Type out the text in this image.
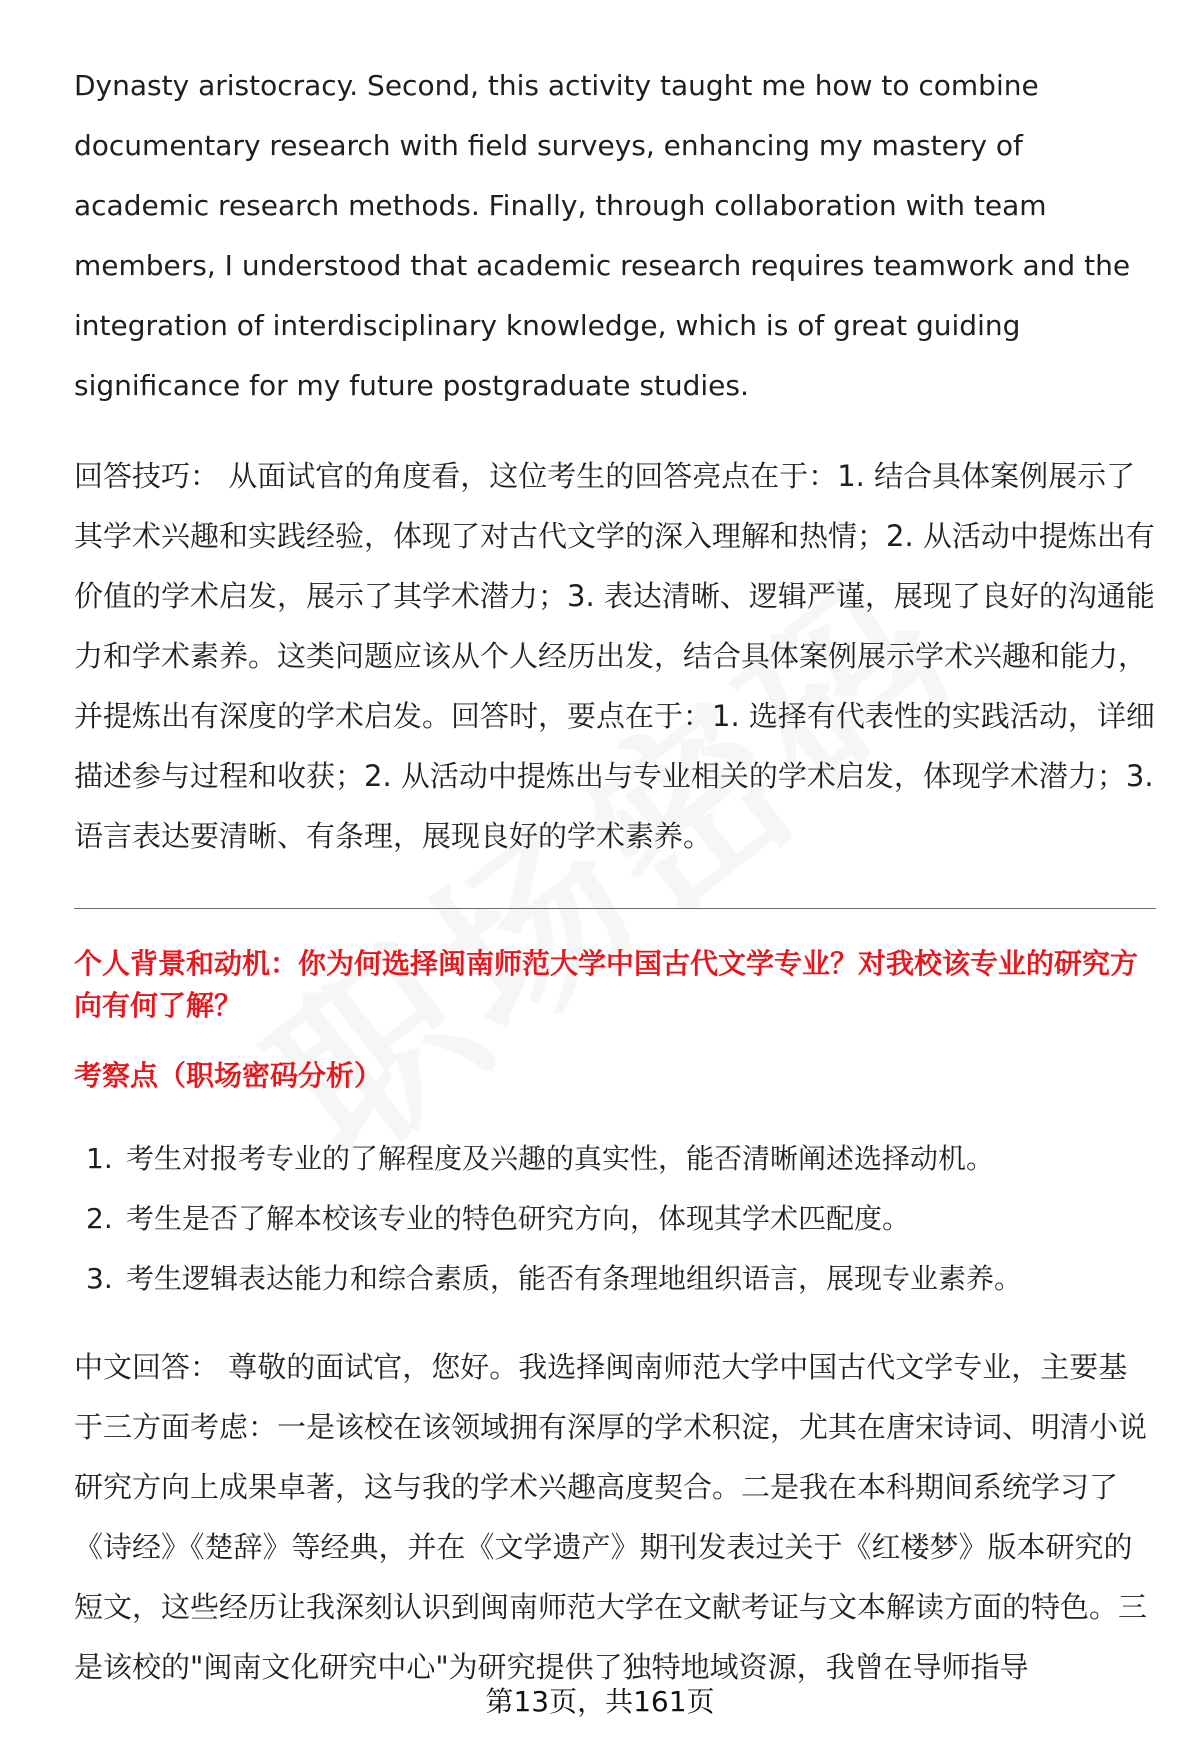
Dynasty aristocracy. Second, this activity taught me how to combine documentary research with field surveys, enhancing my mastery of academic research methods. Finally, through collaboration with team members, I understood that academic research requires teamwork and the integration of interdisciplinary knowledge, which is of great guiding significance for my future postgraduate studies.

回答技巧： 从面试官的角度看，这位考生的回答亮点在于：1. 结合具体案例展示了其学术兴趣和实践经验，体现了对古代文学的深入理解和热情；2. 从活动中提炼出有价值的学术启发，展示了其学术潜力；3. 表达清晰、逻辑严谨，展现了良好的沟通能力和学术素养。这类问题应该从个人经历出发，结合具体案例展示学术兴趣和能力，并提炼出有深度的学术启发。回答时，要点在于：1. 选择有代表性的实践活动，详细描述参与过程和收获；2. 从活动中提炼出与专业相关的学术启发，体现学术潜力；3. 语言表达要清晰、有条理，展现良好的学术素养。

个人背景和动机：你为何选择闽南师范大学中国古代文学专业？对我校该专业的研究方向有何了解？

考察点（职场密码分析）

1. 考生对报考专业的了解程度及兴趣的真实性，能否清晰阐述选择动机。
2. 考生是否了解本校该专业的特色研究方向，体现其学术匹配度。
3. 考生逻辑表达能力和综合素质，能否有条理地组织语言，展现专业素养。

中文回答： 尊敬的面试官，您好。我选择闽南师范大学中国古代文学专业，主要基于三方面考虑：一是该校在该领域拥有深厚的学术积淀，尤其在唐宋诗词、明清小说研究方向上成果卓著，这与我的学术兴趣高度契合。二是我在本科期间系统学习了《诗经》《楚辞》等经典，并在《文学遗产》期刊发表过关于《红楼梦》版本研究的短文，这些经历让我深刻认识到闽南师范大学在文献考证与文本解读方面的特色。三是该校的"闽南文化研究中心"为研究提供了独特地域资源，我曾在导师指导

第13页，共161页
